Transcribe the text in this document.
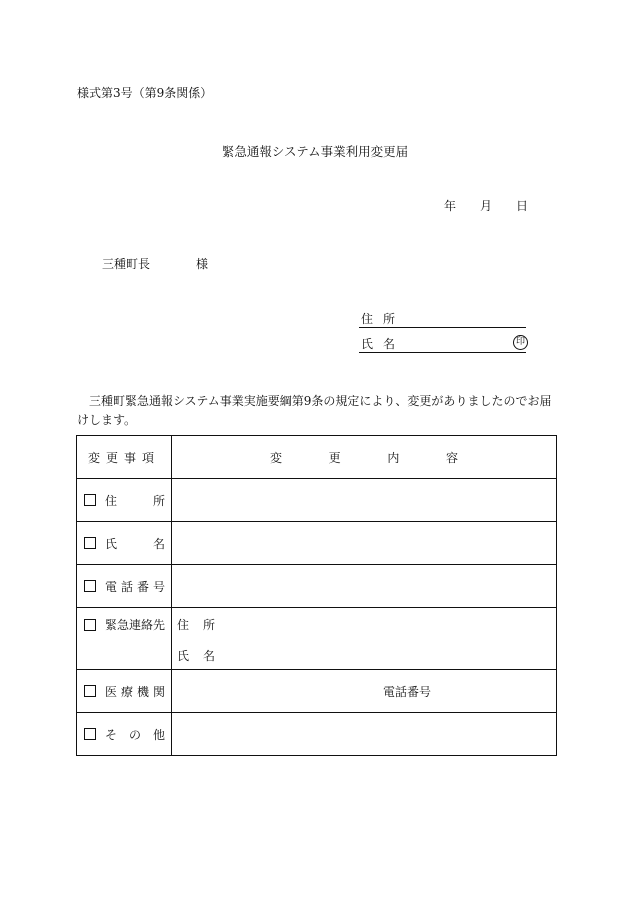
様式第3号（第9条関係）
緊急通報システム事業利用変更届
年 月 日
三種町長	様
住 所
氏 名	印
三種町緊急通報システム事業実施要綱第9条の規定により、変更がありましたのでお届けします。
変更事項	変 更 内 容

住 所	

氏 名	

電 話 番 号	

緊急連絡先	住 所
氏 名

医 療 機 関	電話番号

そ の 他	
